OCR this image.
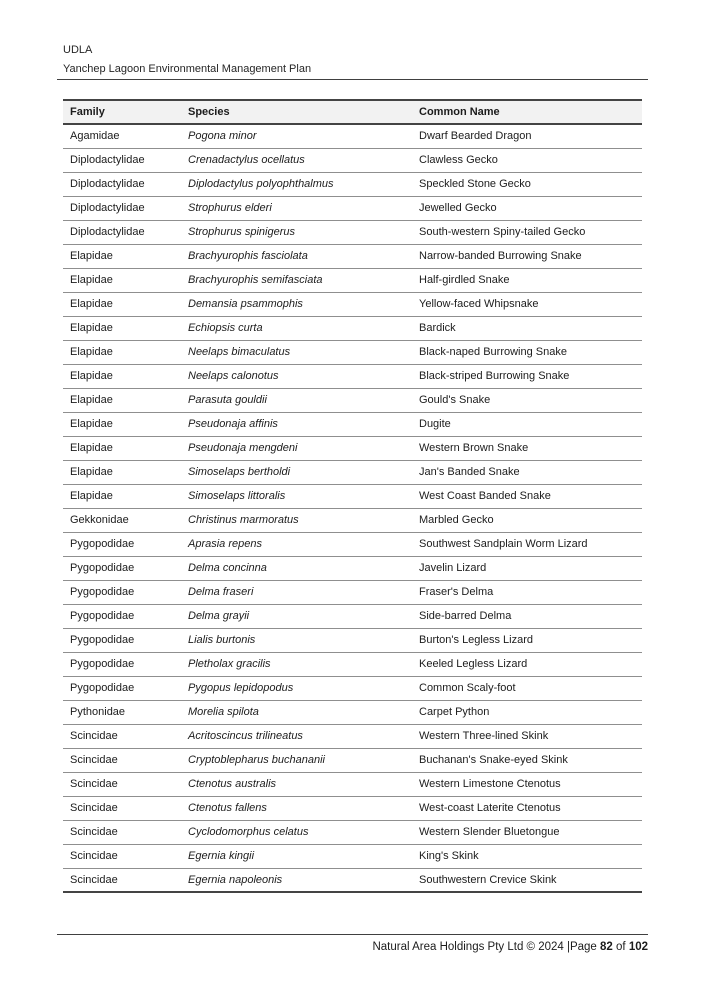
UDLA
Yanchep Lagoon Environmental Management Plan
Family	Species	Common Name
Agamidae	Pogona minor	Dwarf Bearded Dragon
Diplodactylidae	Crenadactylus ocellatus	Clawless Gecko
Diplodactylidae	Diplodactylus polyophthalmus	Speckled Stone Gecko
Diplodactylidae	Strophurus elderi	Jewelled Gecko
Diplodactylidae	Strophurus spinigerus	South-western Spiny-tailed Gecko
Elapidae	Brachyurophis fasciolata	Narrow-banded Burrowing Snake
Elapidae	Brachyurophis semifasciata	Half-girdled Snake
Elapidae	Demansia psammophis	Yellow-faced Whipsnake
Elapidae	Echiopsis curta	Bardick
Elapidae	Neelaps bimaculatus	Black-naped Burrowing Snake
Elapidae	Neelaps calonotus	Black-striped Burrowing Snake
Elapidae	Parasuta gouldii	Gould's Snake
Elapidae	Pseudonaja affinis	Dugite
Elapidae	Pseudonaja mengdeni	Western Brown Snake
Elapidae	Simoselaps bertholdi	Jan's Banded Snake
Elapidae	Simoselaps littoralis	West Coast Banded Snake
Gekkonidae	Christinus marmoratus	Marbled Gecko
Pygopodidae	Aprasia repens	Southwest Sandplain Worm Lizard
Pygopodidae	Delma concinna	Javelin Lizard
Pygopodidae	Delma fraseri	Fraser's Delma
Pygopodidae	Delma grayii	Side-barred Delma
Pygopodidae	Lialis burtonis	Burton's Legless Lizard
Pygopodidae	Pletholax gracilis	Keeled Legless Lizard
Pygopodidae	Pygopus lepidopodus	Common Scaly-foot
Pythonidae	Morelia spilota	Carpet Python
Scincidae	Acritoscincus trilineatus	Western Three-lined Skink
Scincidae	Cryptoblepharus buchananii	Buchanan's Snake-eyed Skink
Scincidae	Ctenotus australis	Western Limestone Ctenotus
Scincidae	Ctenotus fallens	West-coast Laterite Ctenotus
Scincidae	Cyclodomorphus celatus	Western Slender Bluetongue
Scincidae	Egernia kingii	King's Skink
Scincidae	Egernia napoleonis	Southwestern Crevice Skink
Natural Area Holdings Pty Ltd © 2024 |Page 82 of 102
